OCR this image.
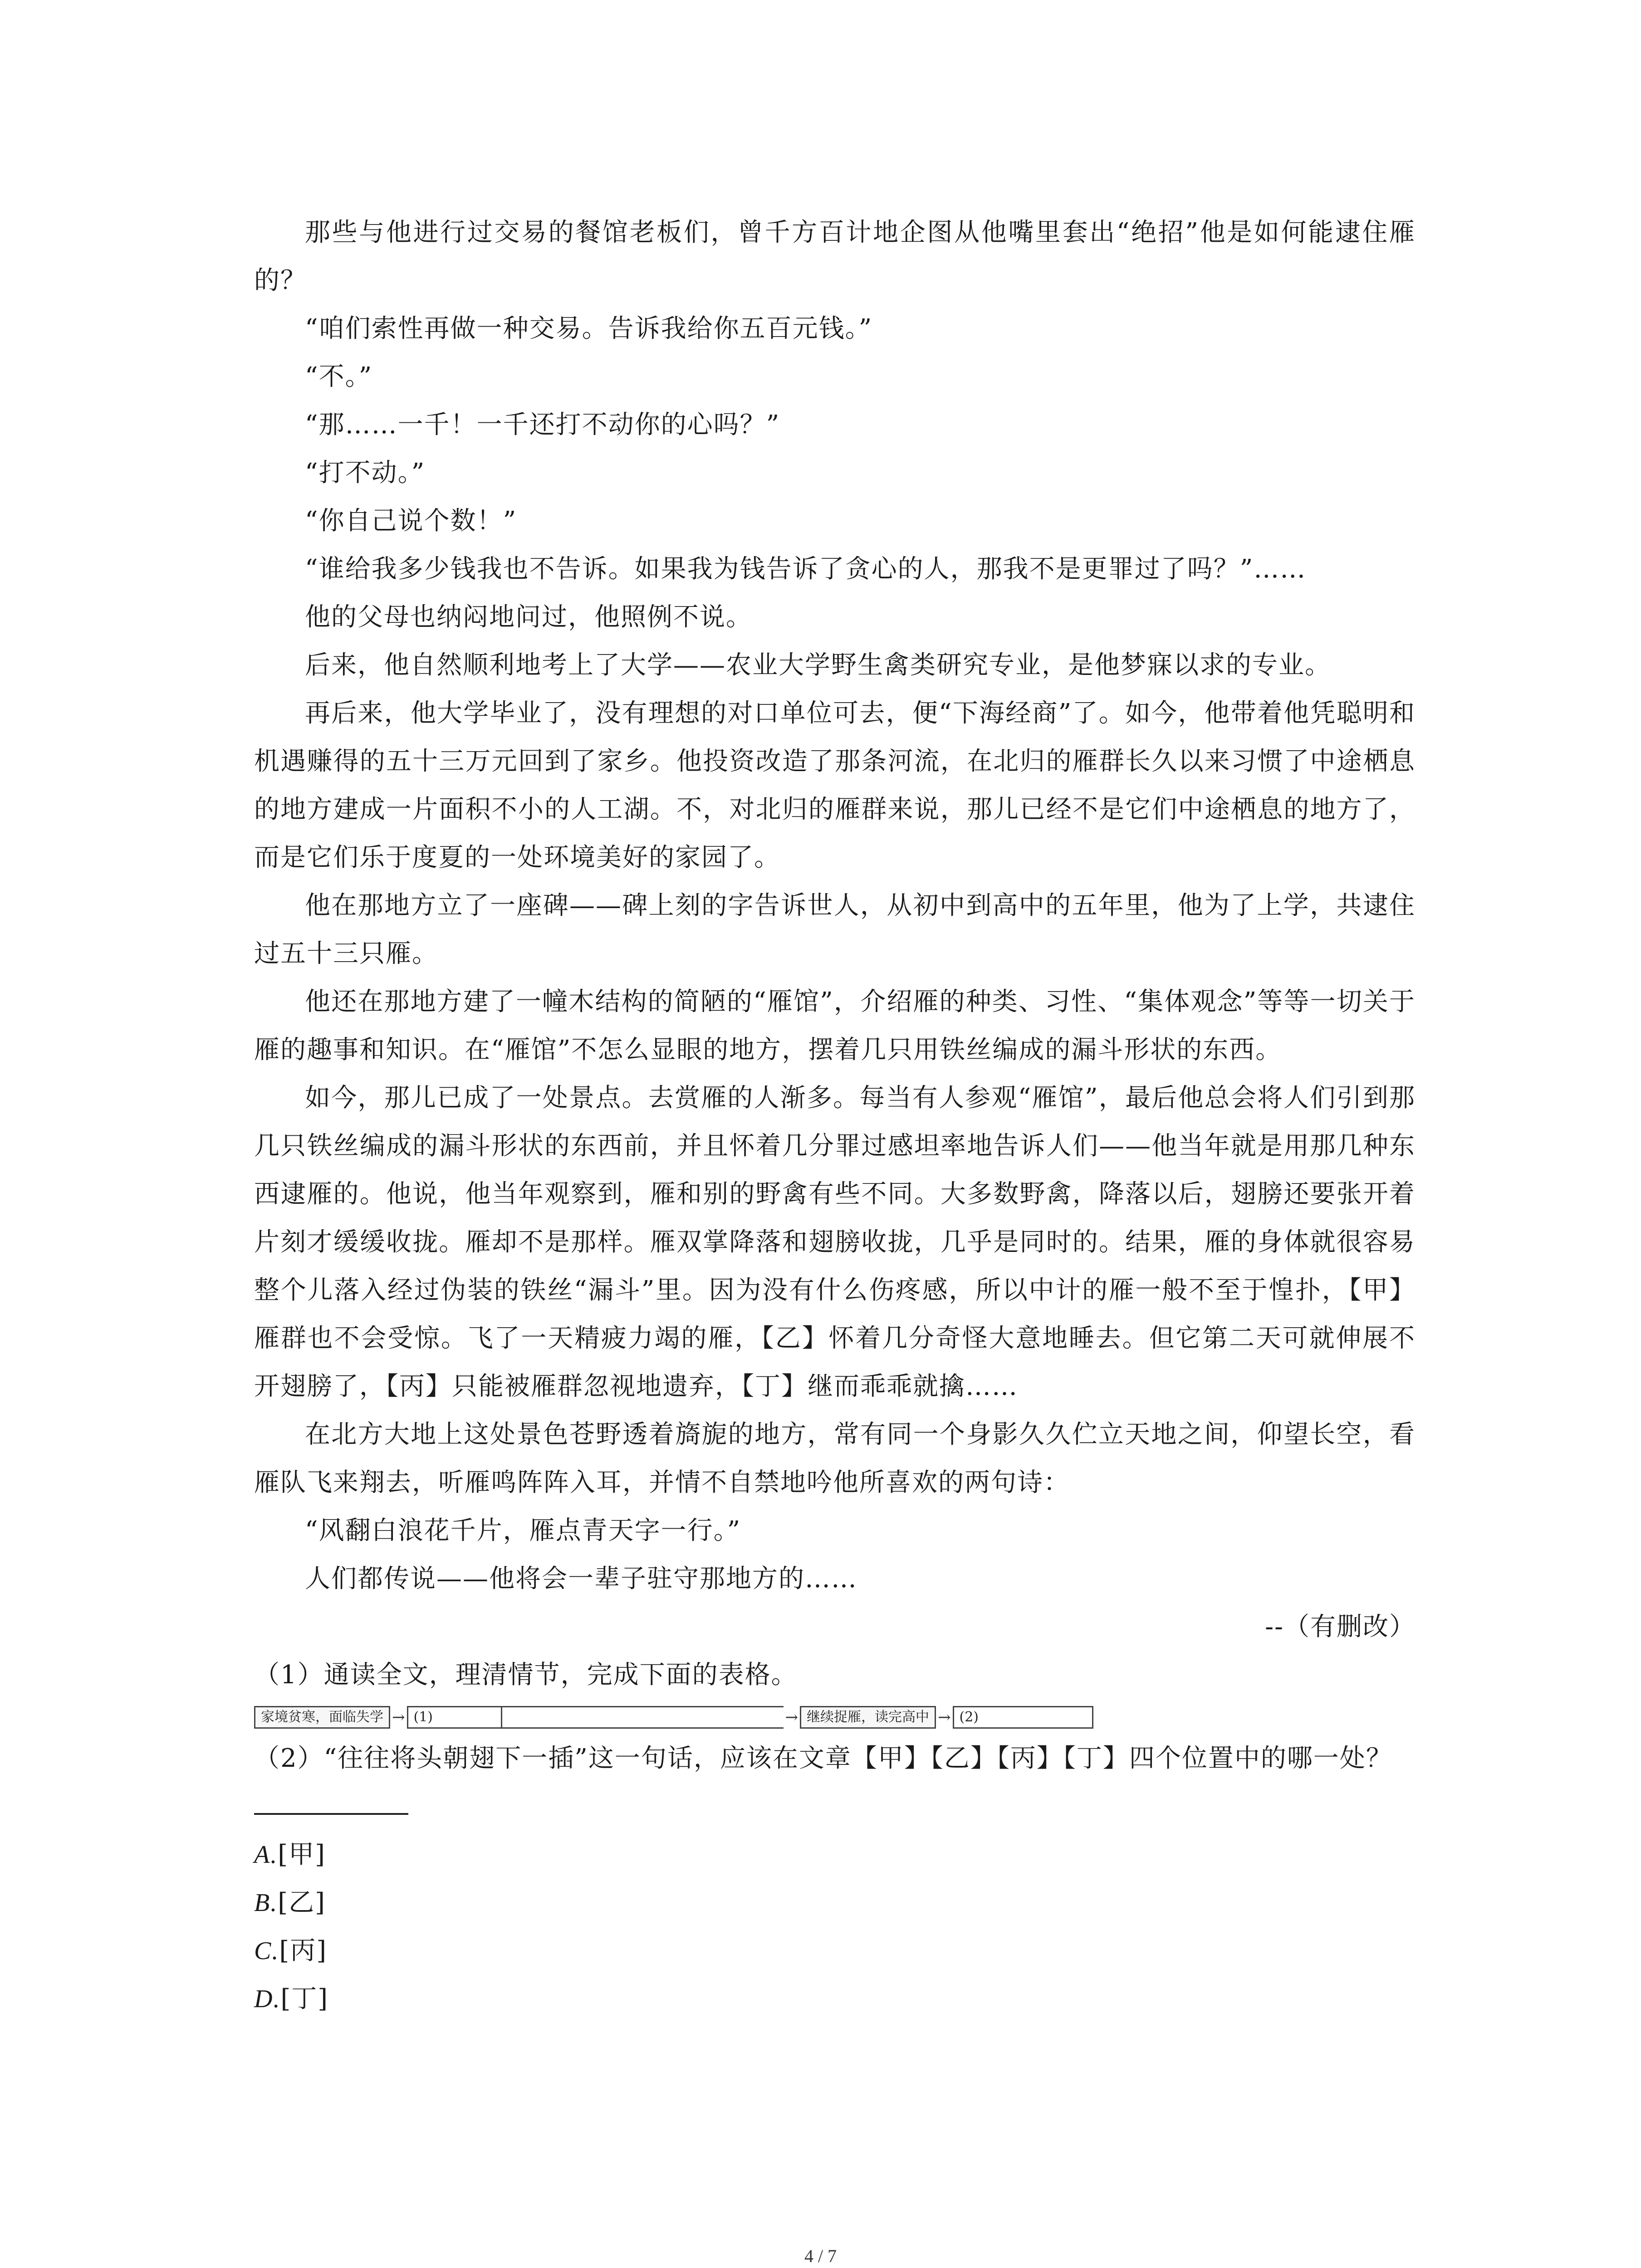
那些与他进行过交易的餐馆老板们，曾千方百计地企图从他嘴里套出“绝招”他是如何能逮住雁的？

“咱们索性再做一种交易。告诉我给你五百元钱。”

“不。”

“那……一千！一千还打不动你的心吗？”

“打不动。”

“你自己说个数！”

“谁给我多少钱我也不告诉。如果我为钱告诉了贪心的人，那我不是更罪过了吗？”……

他的父母也纳闷地问过，他照例不说。

后来，他自然顺利地考上了大学——农业大学野生禽类研究专业，是他梦寐以求的专业。

再后来，他大学毕业了，没有理想的对口单位可去，便“下海经商”了。如今，他带着他凭聪明和机遇赚得的五十三万元回到了家乡。他投资改造了那条河流，在北归的雁群长久以来习惯了中途栖息的地方建成一片面积不小的人工湖。不，对北归的雁群来说，那儿已经不是它们中途栖息的地方了，而是它们乐于度夏的一处环境美好的家园了。

他在那地方立了一座碑——碑上刻的字告诉世人，从初中到高中的五年里，他为了上学，共逮住过五十三只雁。

他还在那地方建了一幢木结构的简陋的“雁馆”，介绍雁的种类、习性、“集体观念”等等一切关于雁的趣事和知识。在“雁馆”不怎么显眼的地方，摆着几只用铁丝编成的漏斗形状的东西。

如今，那儿已成了一处景点。去赏雁的人渐多。每当有人参观“雁馆”，最后他总会将人们引到那几只铁丝编成的漏斗形状的东西前，并且怀着几分罪过感坦率地告诉人们——他当年就是用那几种东西逮雁的。他说，他当年观察到，雁和别的野禽有些不同。大多数野禽，降落以后，翅膀还要张开着片刻才缓缓收拢。雁却不是那样。雁双掌降落和翅膀收拢，几乎是同时的。结果，雁的身体就很容易整个儿落入经过伪装的铁丝“漏斗”里。因为没有什么伤疼感，所以中计的雁一般不至于惶扑，【甲】雁群也不会受惊。飞了一天精疲力竭的雁，【乙】怀着几分奇怪大意地睡去。但它第二天可就伸展不开翅膀了，【丙】只能被雁群忽视地遗弃，【丁】继而乖乖就擒……

在北方大地上这处景色苍野透着旖旎的地方，常有同一个身影久久伫立天地之间，仰望长空，看雁队飞来翔去，听雁鸣阵阵入耳，并情不自禁地吟他所喜欢的两句诗：

“风翻白浪花千片，雁点青天字一行。”

人们都传说——他将会一辈子驻守那地方的……

--（有删改）

（1）通读全文，理清情节，完成下面的表格。

家境贫寒，面临失学 → (1)	→ 继续捉雁，读完高中 → (2)

（2）“往往将头朝翅下一插”这一句话，应该在文章【甲】【乙】【丙】【丁】四个位置中的哪一处？

A.[甲]

B.[乙]

C.[丙]

D.[丁]

4 / 7
